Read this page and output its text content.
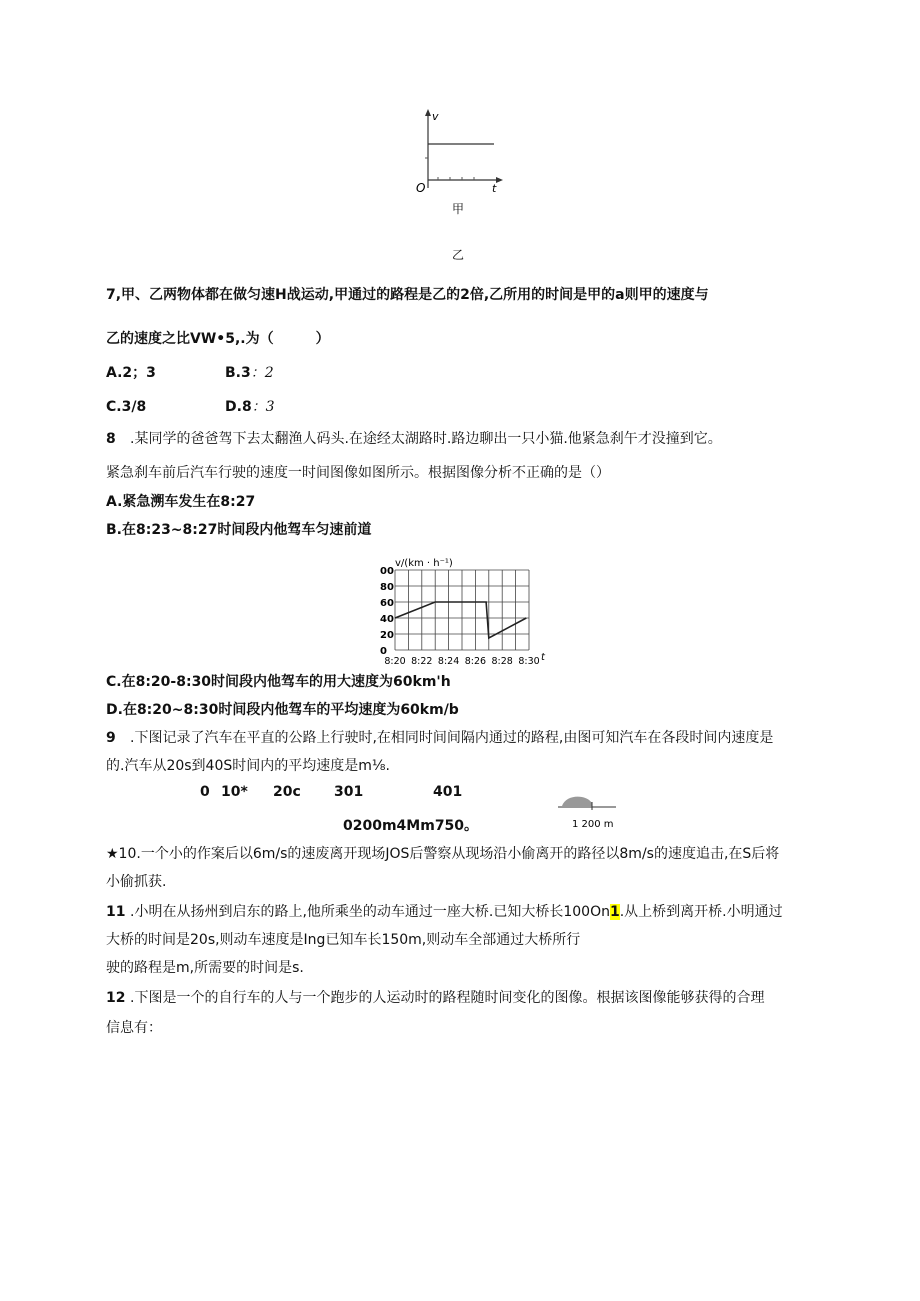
v
O	t
甲
乙
7,甲、乙两物体都在做匀速H战运动,甲通过的路程是乙的2倍,乙所用的时间是甲的a则甲的速度与
乙的速度之比VW•5,.为（　　　）
A.2；3	B.3：2
C.3/8	D.8：3
8 .某同学的爸爸驾下去太翻渔人码头.在途经太湖路时.路边聊出一只小猫.他紧急刹午才没撞到它。
紧急刹车前后汽车行驶的速度一时间图像如图所示。根据图像分析不正确的是（）
A.紧急溯车发生在8:27
B.在8:23~8:27时间段内他驾车匀速前道
00
80
60
40
20
0
8:20 8:22 8:24 8:26 8:28 8:30
v/(km · h⁻¹)
t
C.在8:20-8:30时间段内他驾车的用大速度为60km'h
D.在8:20~8:30时间段内他驾车的平均速度为60km/b
9 .下图记录了汽车在平直的公路上行驶时,在相同时间间隔内通过的路程,由图可知汽车在各段时间内速度是
的.汽车从20s到40S时间内的平均速度是m⅛.
0 10* 20c 301	401
0200m4Mm750。	1 200 m
★10.一个小的作案后以6m/s的速废离开现场JOS后警察从现场沿小偷离开的路径以8m/s的速度追击,在S后将
小偷抓获.
11 .小明在从扬州到启东的路上,他所乘坐的动车通过一座大桥.已知大桥长100On1.从上桥到离开桥.小明通过
大桥的时间是20s,则动车速度是Ing已知车长150m,则动车全部通过大桥所行
驶的路程是m,所需要的时间是s.
12 .下图是一个的自行车的人与一个跑步的人运动时的路程随时间变化的图像。根据该图像能够获得的合理
信息有：
